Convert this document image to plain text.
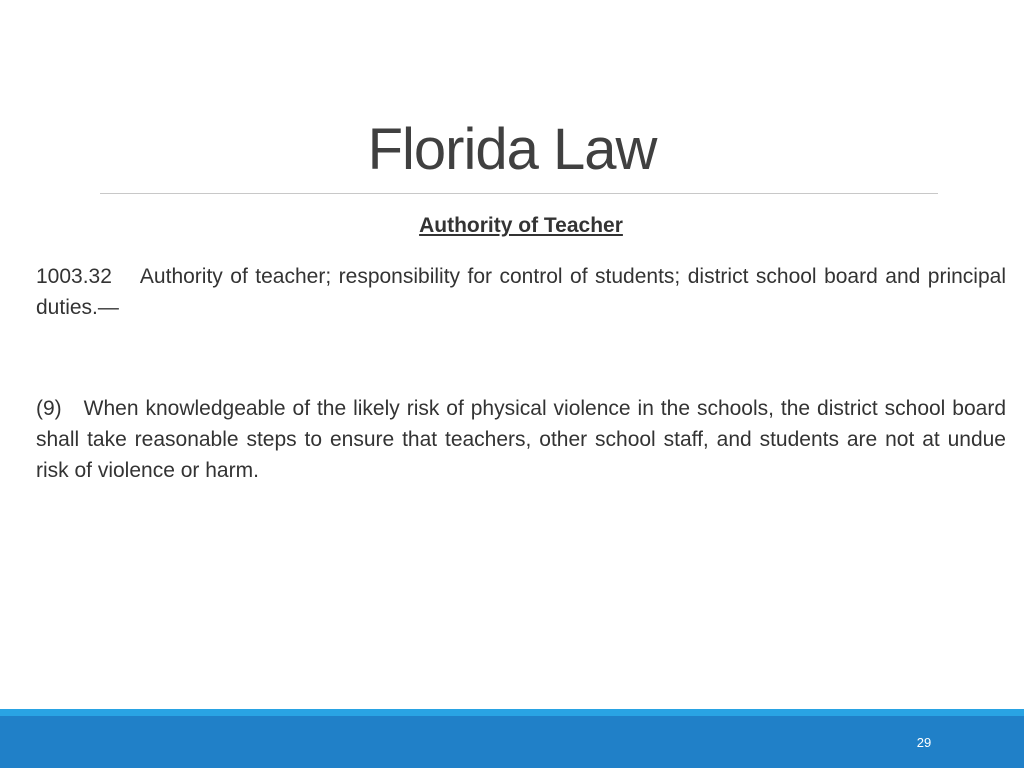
Florida Law

Authority of Teacher

1003.32 Authority of teacher; responsibility for control of students; district school board and principal duties.—

(9) When knowledgeable of the likely risk of physical violence in the schools, the district school board shall take reasonable steps to ensure that teachers, other school staff, and students are not at undue risk of violence or harm.

29
